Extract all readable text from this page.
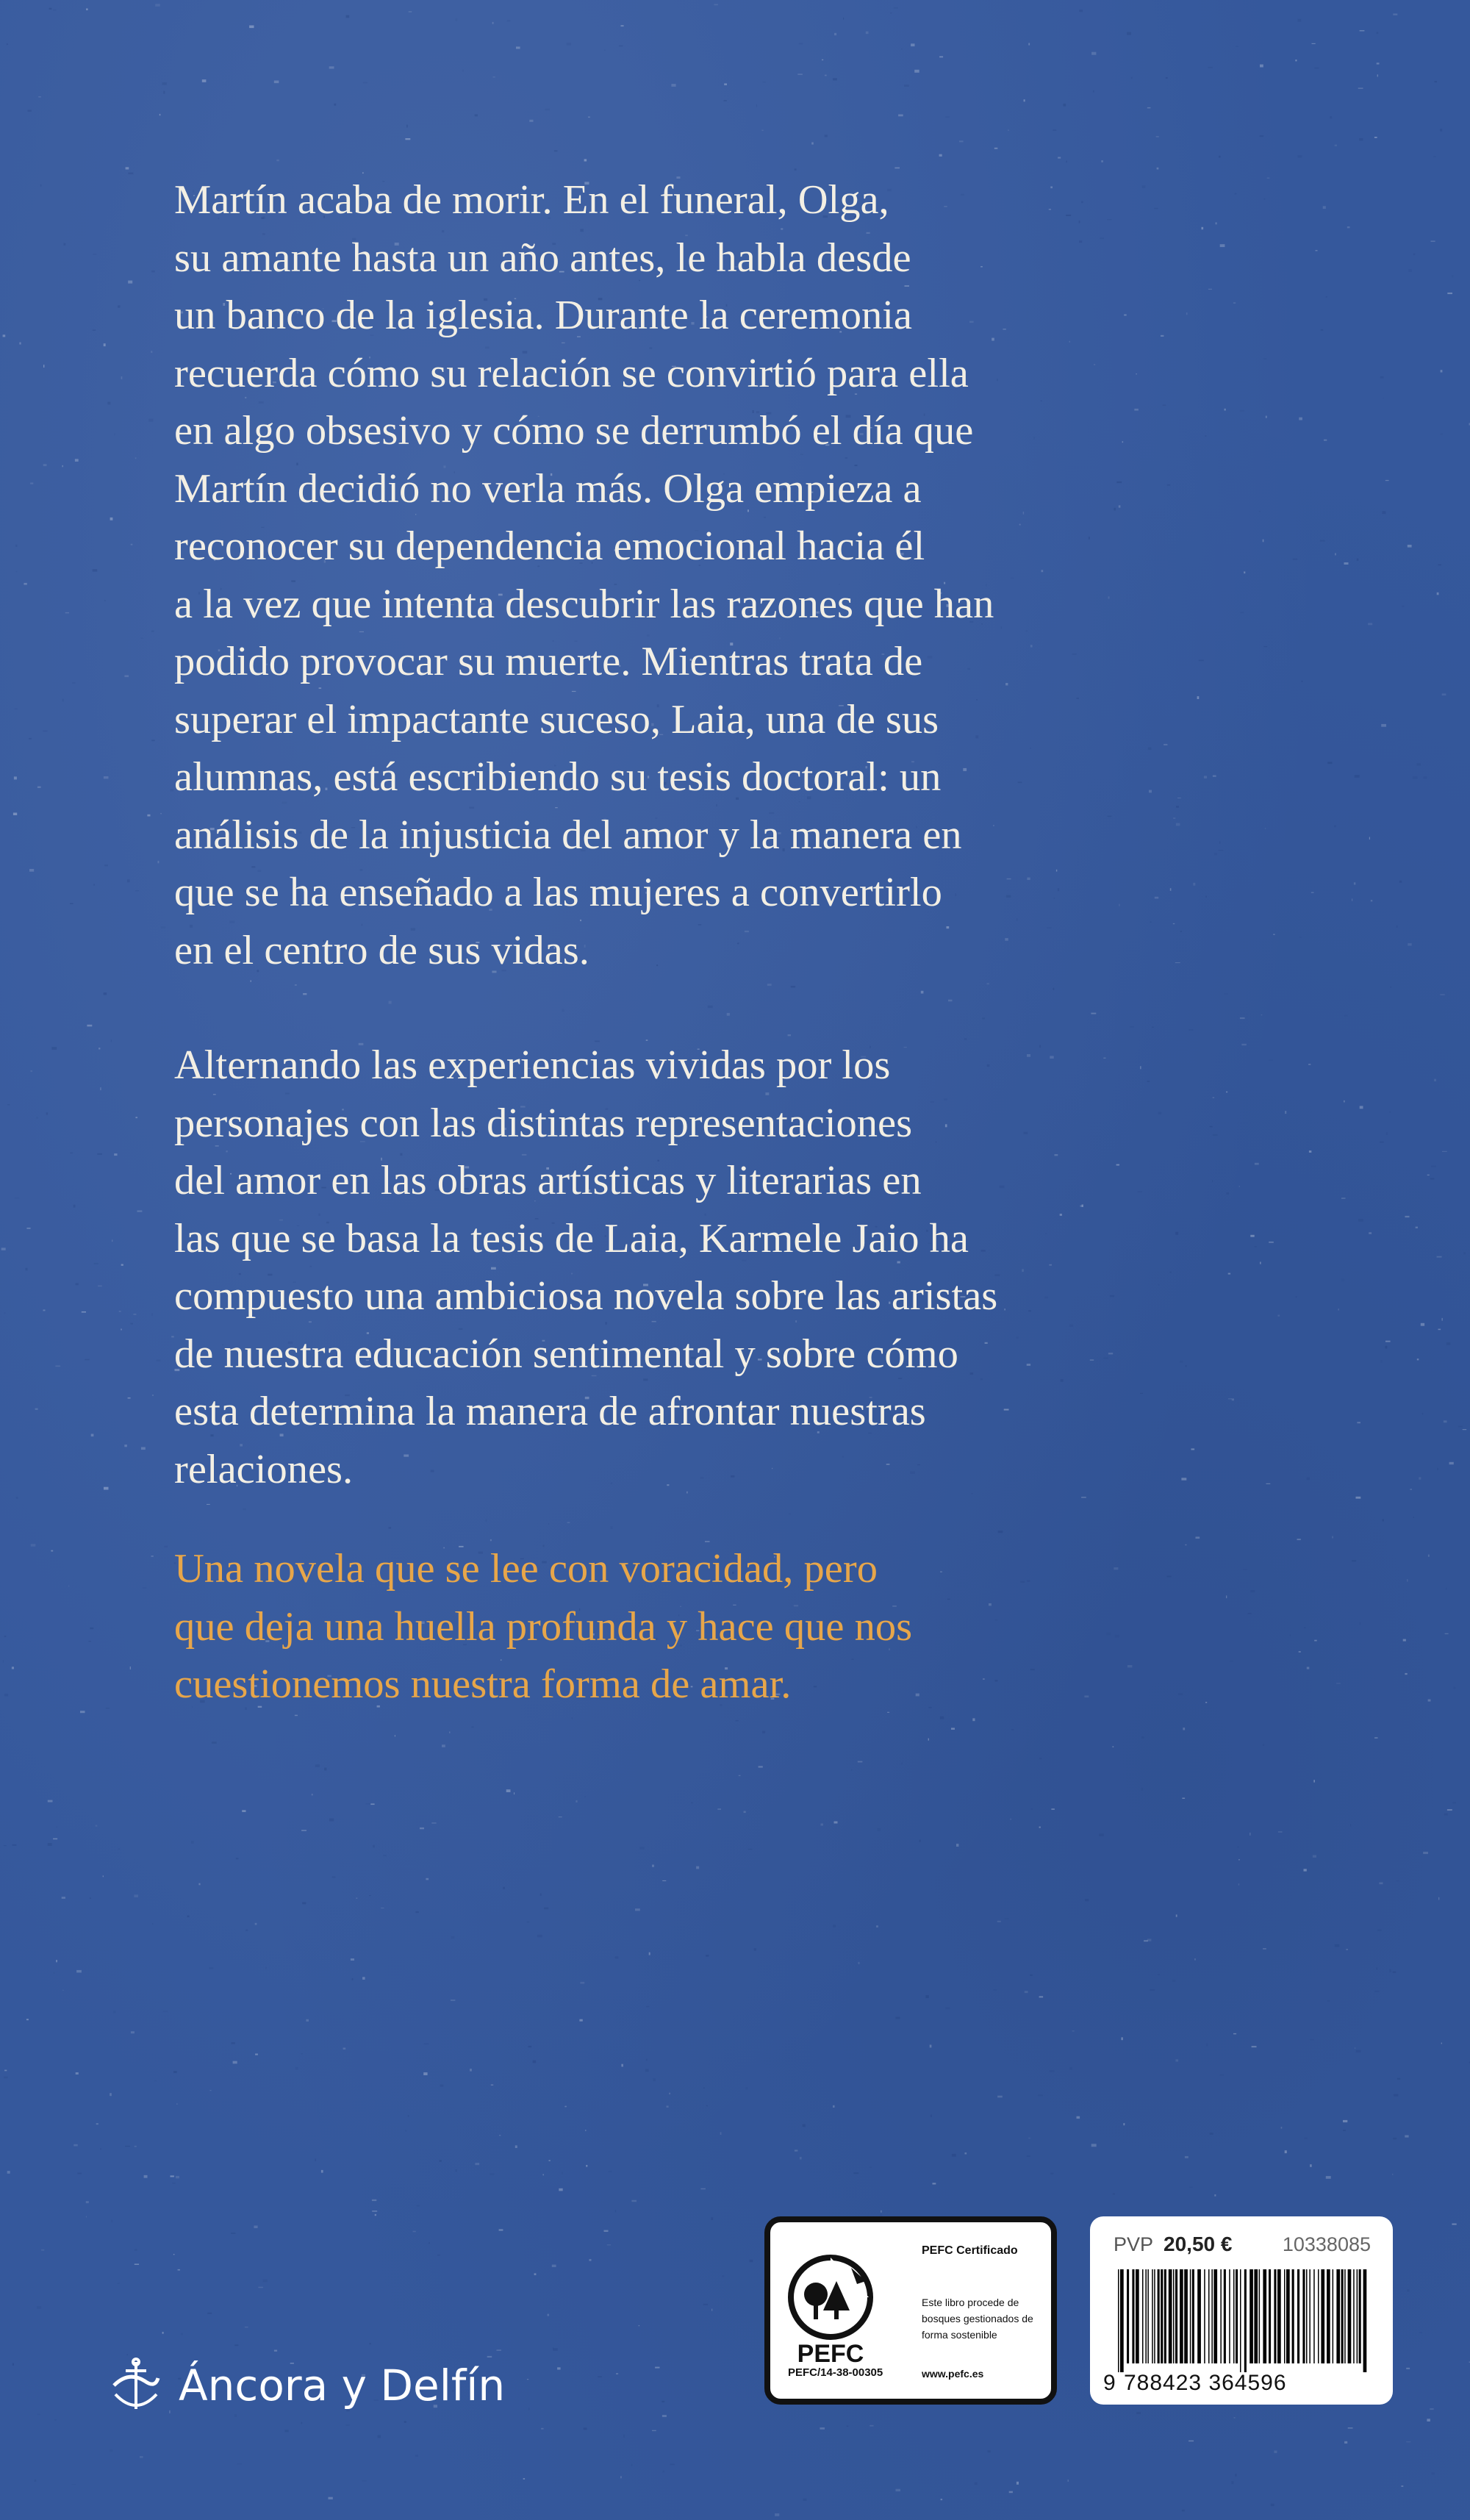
Martín acaba de morir. En el funeral, Olga,
su amante hasta un año antes, le habla desde
un banco de la iglesia. Durante la ceremonia
recuerda cómo su relación se convirtió para ella
en algo obsesivo y cómo se derrumbó el día que
Martín decidió no verla más. Olga empieza a
reconocer su dependencia emocional hacia él
a la vez que intenta descubrir las razones que han
podido provocar su muerte. Mientras trata de
superar el impactante suceso, Laia, una de sus
alumnas, está escribiendo su tesis doctoral: un
análisis de la injusticia del amor y la manera en
que se ha enseñado a las mujeres a convertirlo
en el centro de sus vidas.

Alternando las experiencias vividas por los
personajes con las distintas representaciones
del amor en las obras artísticas y literarias en
las que se basa la tesis de Laia, Karmele Jaio ha
compuesto una ambiciosa novela sobre las aristas
de nuestra educación sentimental y sobre cómo
esta determina la manera de afrontar nuestras
relaciones.

Una novela que se lee con voracidad, pero
que deja una huella profunda y hace que nos
cuestionemos nuestra forma de amar.

Áncora y Delfín
PEFC
PEFC/14-38-00305
PEFC Certificado
Este libro procede de bosques gestionados de forma sostenible
www.pefc.es
PVP 20,50 €	10338085
9 788423 364596
